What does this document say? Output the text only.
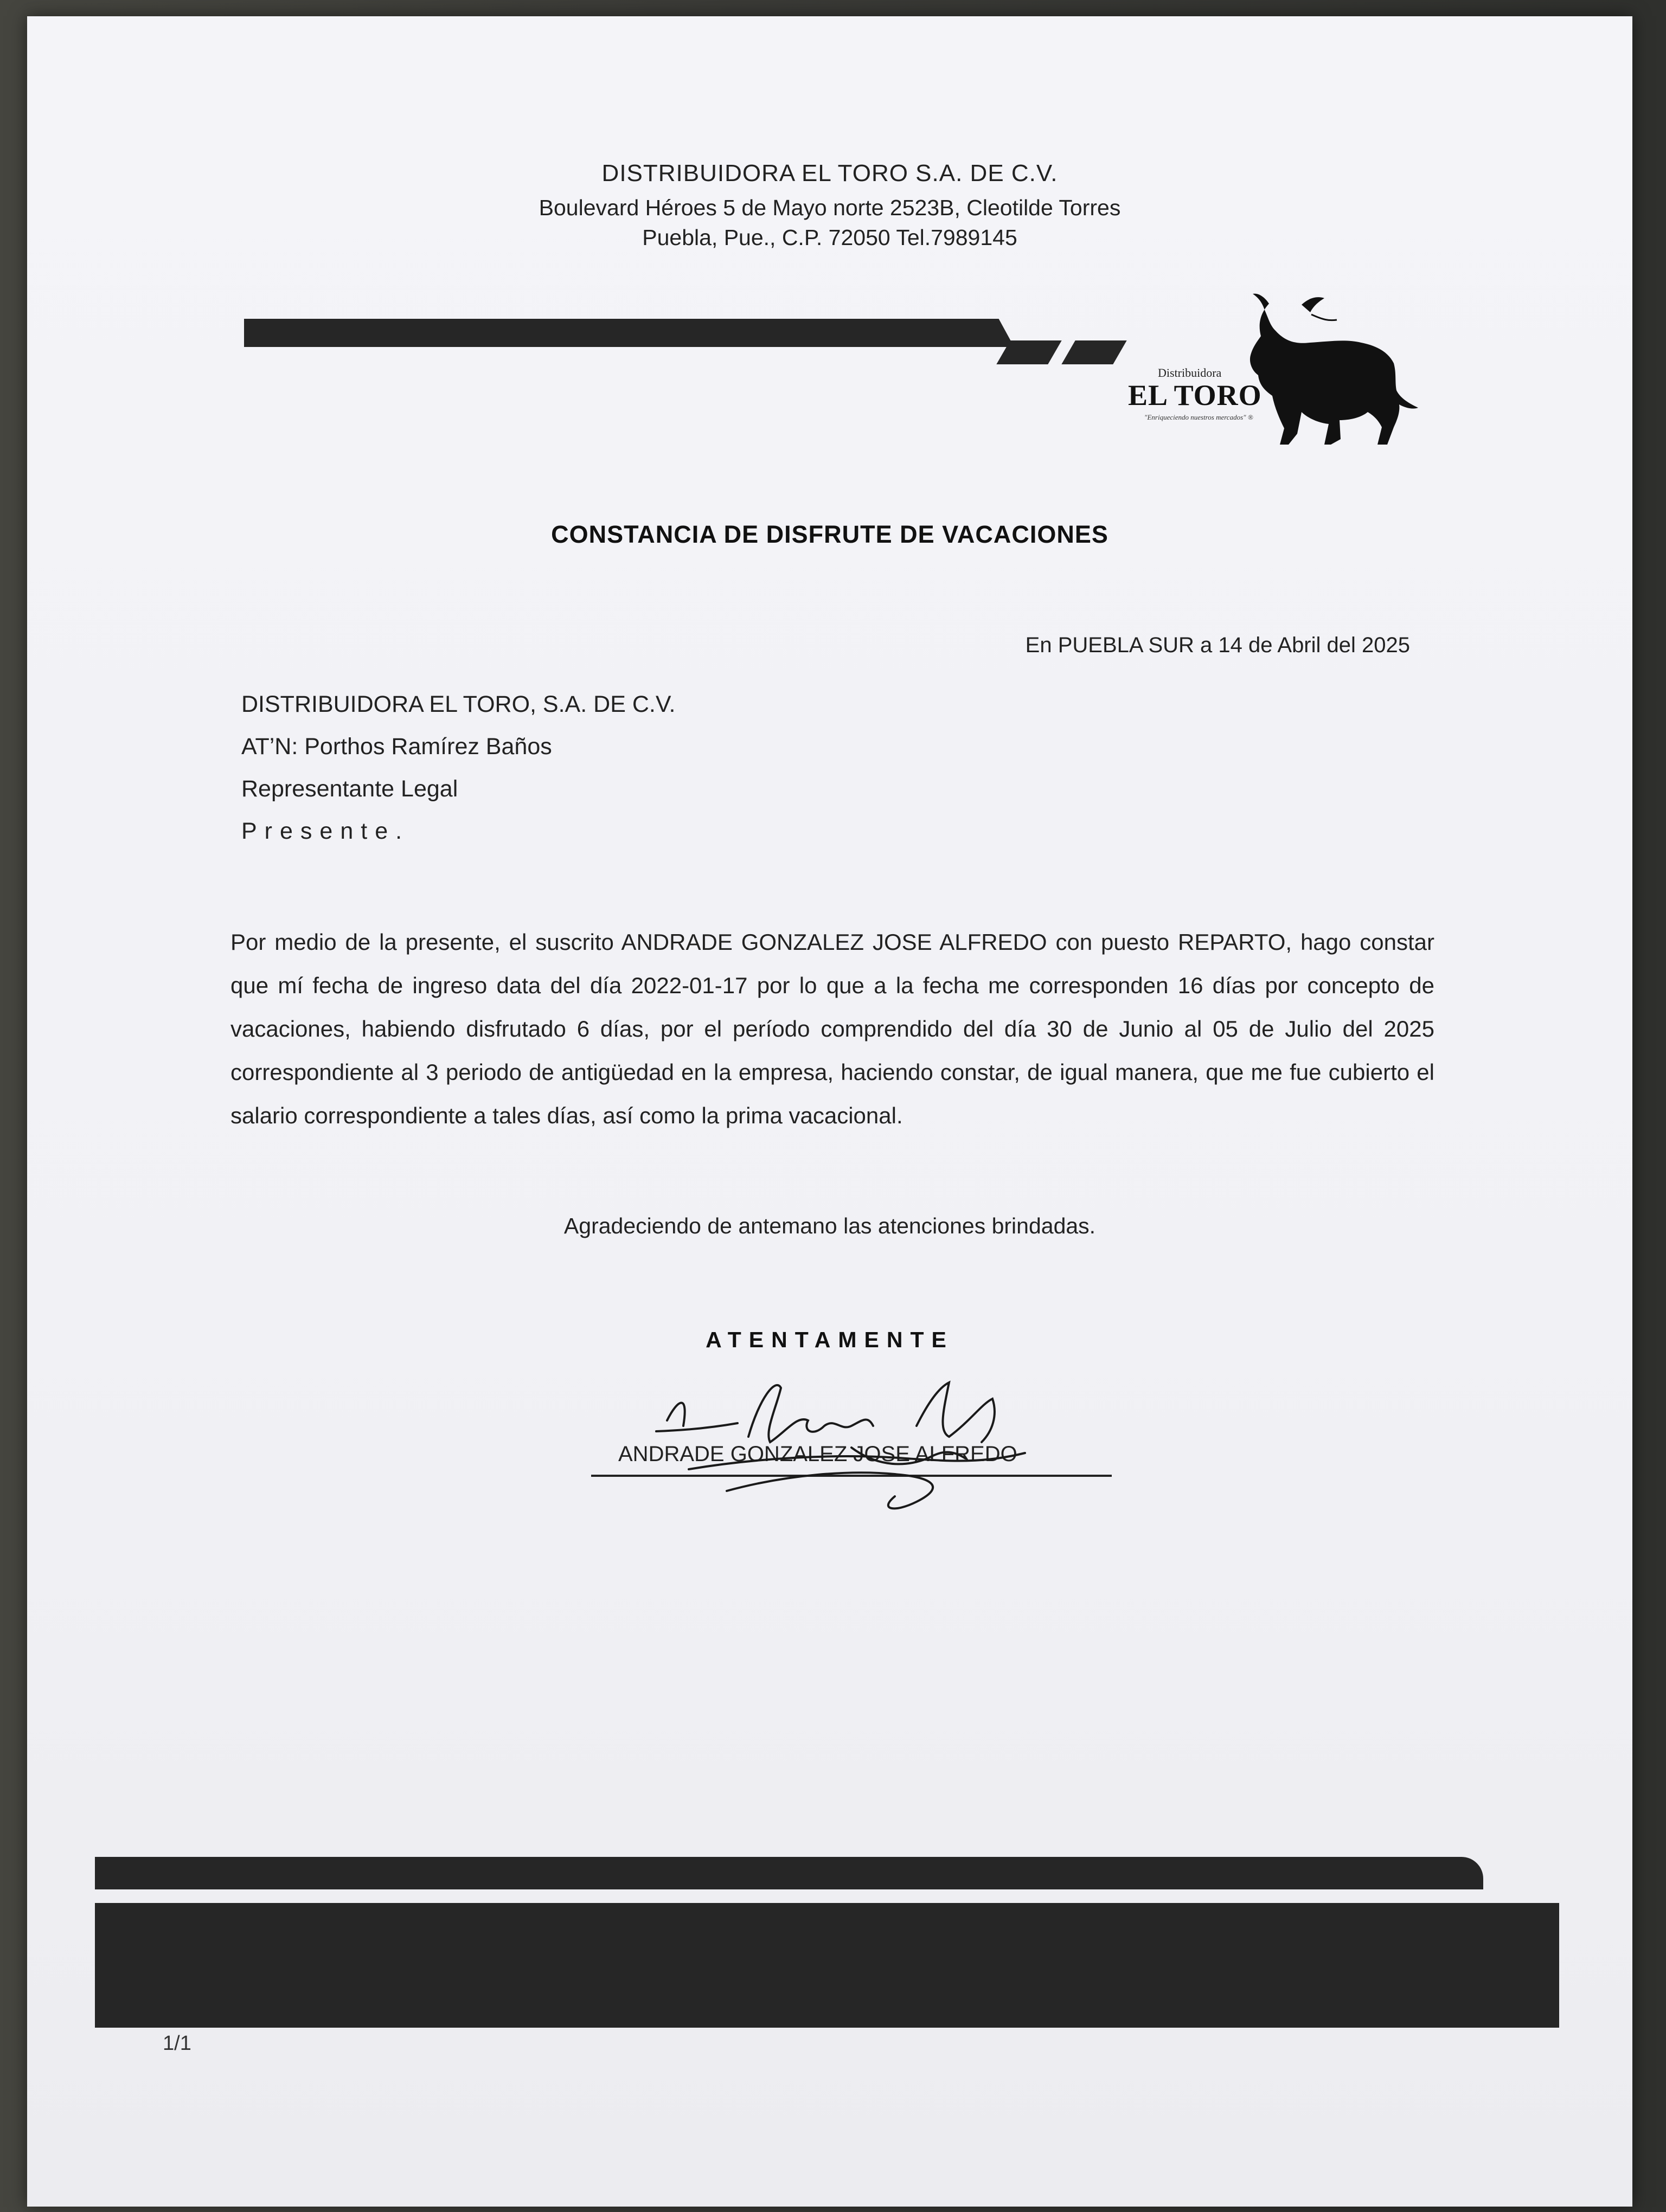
DISTRIBUIDORA EL TORO S.A. DE C.V.
Boulevard Héroes 5 de Mayo norte 2523B, Cleotilde Torres
Puebla, Pue., C.P. 72050 Tel.7989145
Distribuidora
EL TORO
"Enriqueciendo nuestros mercados" ®
CONSTANCIA DE DISFRUTE DE VACACIONES
En PUEBLA SUR a 14 de Abril del 2025
DISTRIBUIDORA EL TORO, S.A. DE C.V.
AT’N: Porthos Ramírez Baños
Representante Legal
Presente.
Por medio de la presente, el suscrito ANDRADE GONZALEZ JOSE ALFREDO con puesto REPARTO, hago constar que mí fecha de ingreso data del día 2022-01-17 por lo que a la fecha me corresponden 16 días por concepto de vacaciones, habiendo disfrutado 6 días, por el período comprendido del día 30 de Junio al 05 de Julio del 2025 correspondiente al 3 periodo de antigüedad en la empresa, haciendo constar, de igual manera, que me fue cubierto el salario correspondiente a tales días, así como la prima vacacional.
Agradeciendo de antemano las atenciones brindadas.
ATENTAMENTE
ANDRADE GONZALEZ JOSE ALFREDO
1/1
